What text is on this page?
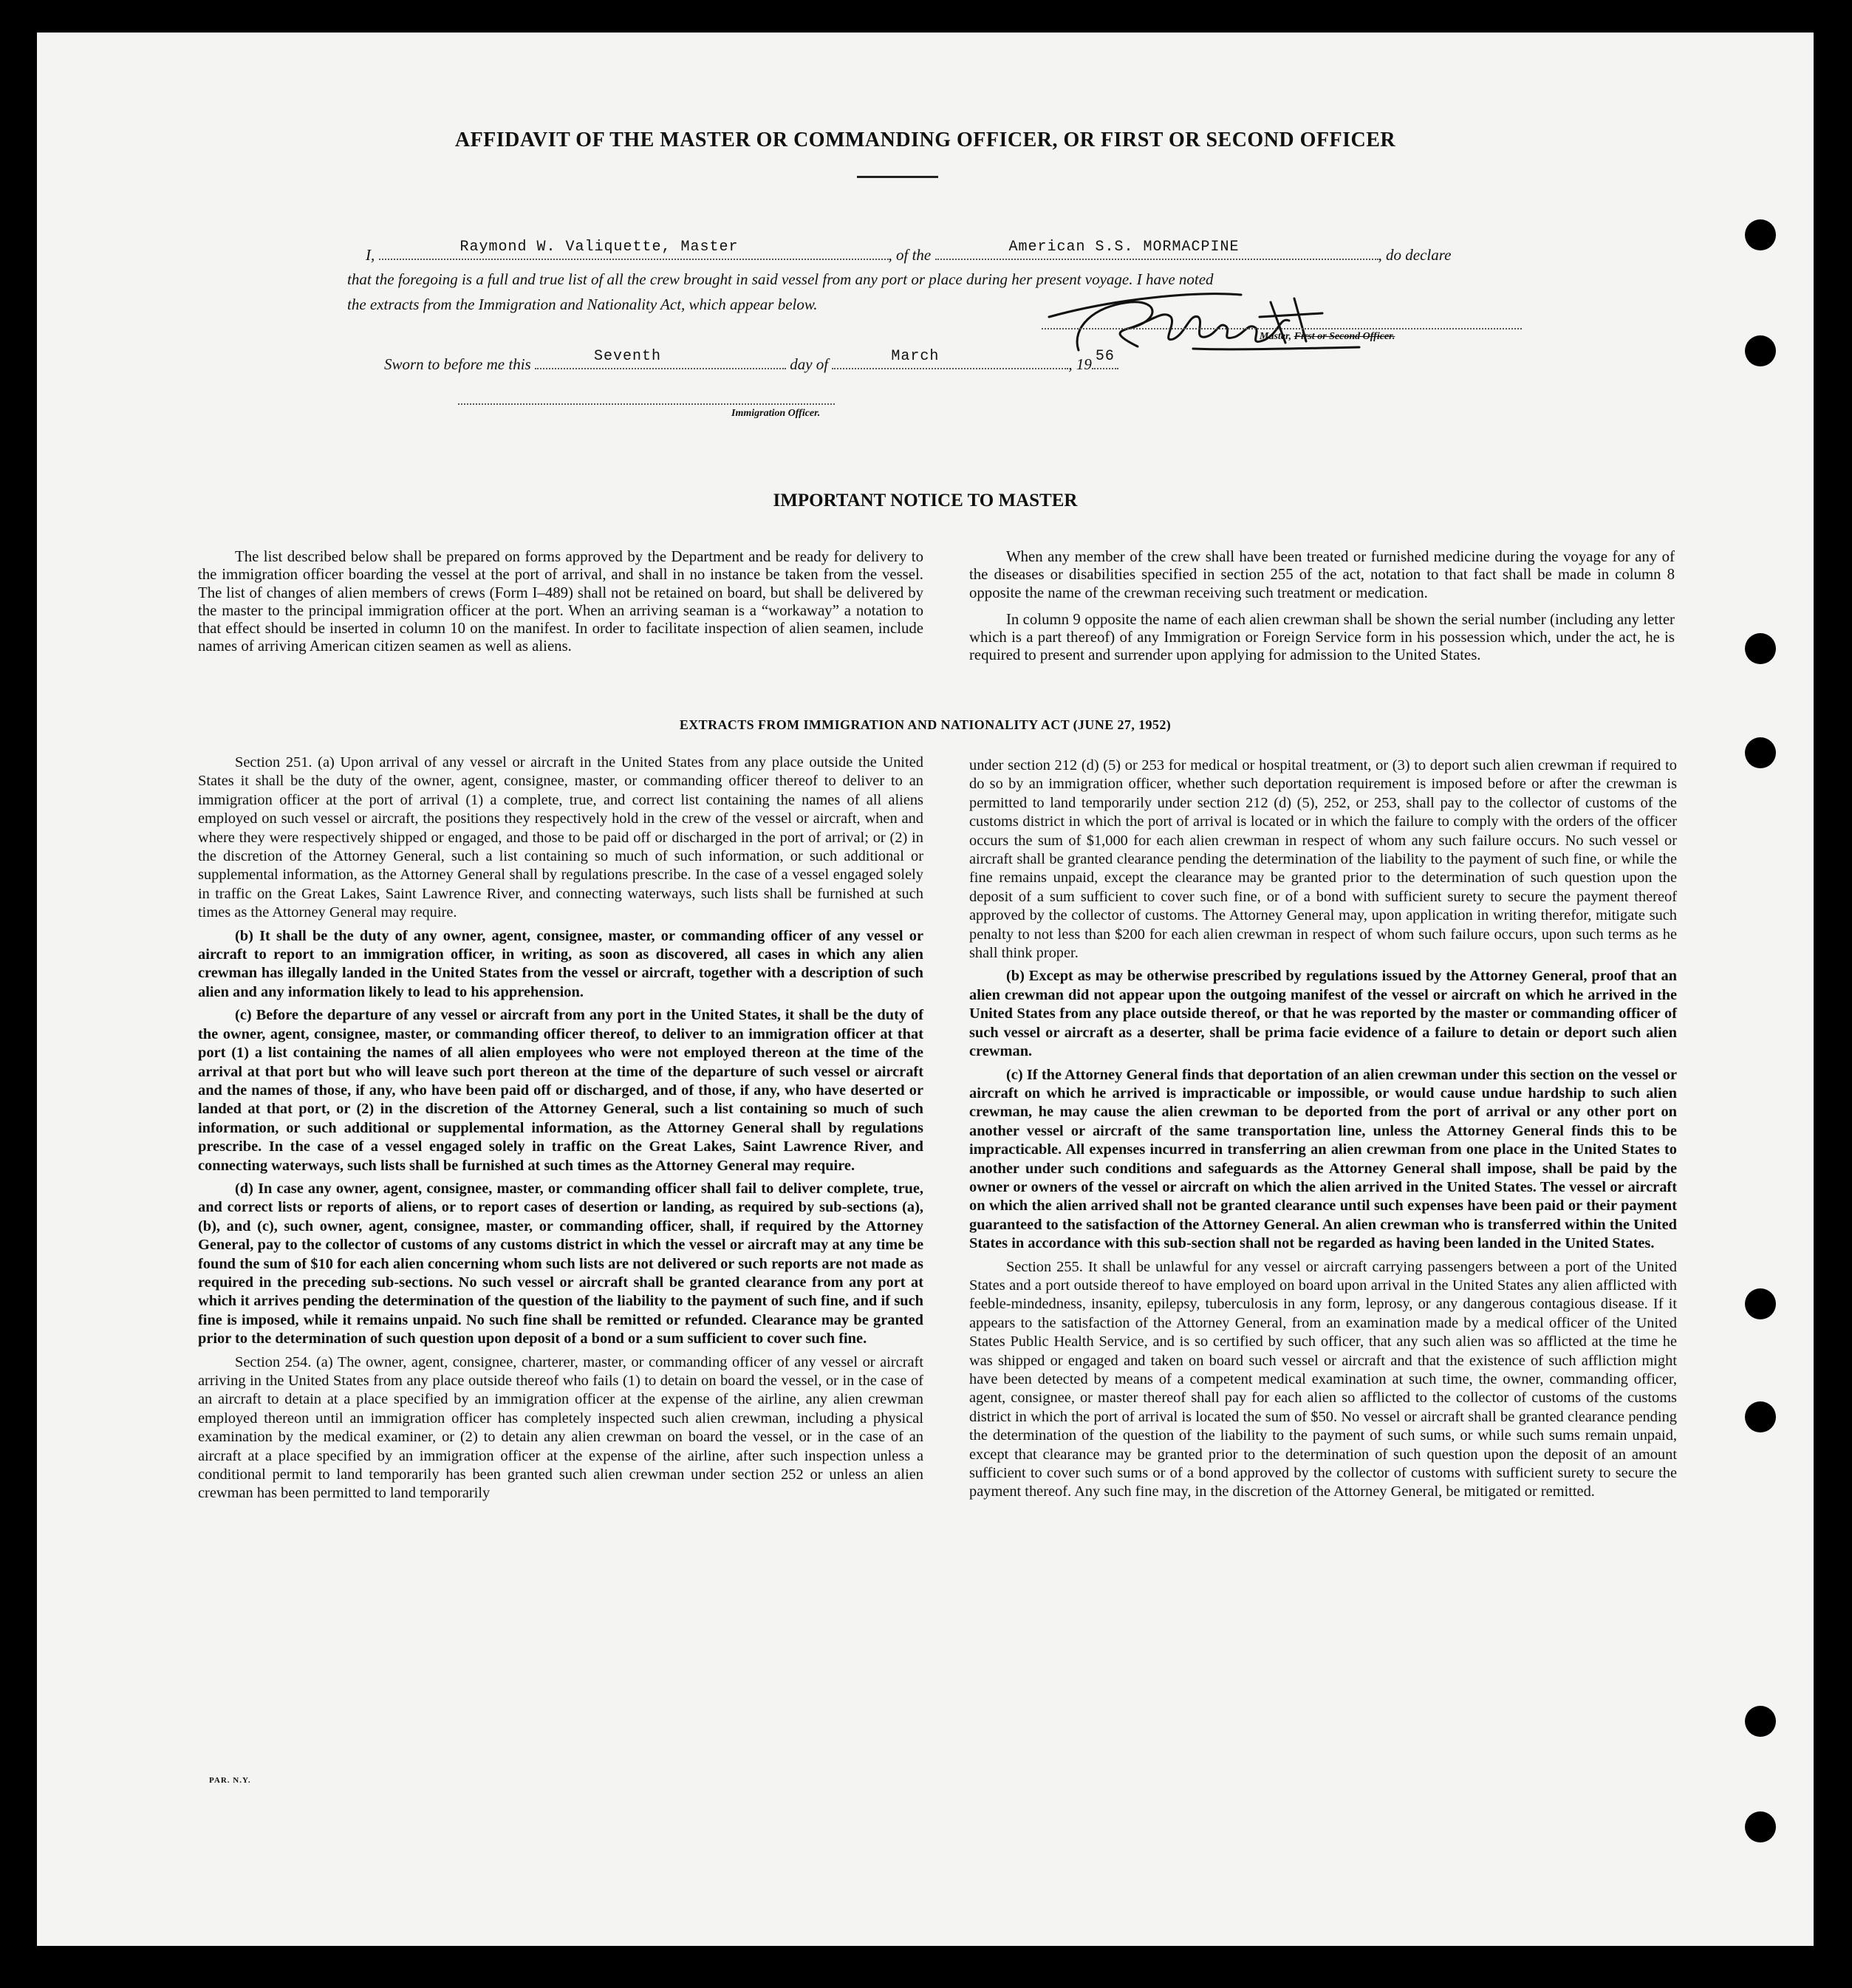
AFFIDAVIT OF THE MASTER OR COMMANDING OFFICER, OR FIRST OR SECOND OFFICER
I,	Raymond W. Valiquette, Master	, of the	American S.S. MORMACPINE	, do declare
that the foregoing is a full and true list of all the crew brought in said vessel from any port or place during her present voyage. I have noted
the extracts from the Immigration and Nationality Act, which appear below.
Master, First or Second Officer.
Sworn to before me this	Seventh	day of	March	, 19 56
Immigration Officer.
IMPORTANT NOTICE TO MASTER

The list described below shall be prepared on forms approved by the Department and be ready for delivery to the immigration officer boarding the vessel at the port of arrival, and shall in no instance be taken from the vessel. The list of changes of alien members of crews (Form I–489) shall not be retained on board, but shall be delivered by the master to the principal immigration officer at the port. When an arriving seaman is a “workaway” a notation to that effect should be inserted in column 10 on the manifest. In order to facilitate inspection of alien seamen, include names of arriving American citizen seamen as well as aliens.

When any member of the crew shall have been treated or furnished medicine during the voyage for any of the diseases or disabilities specified in section 255 of the act, notation to that fact shall be made in column 8 opposite the name of the crewman receiving such treatment or medication.

In column 9 opposite the name of each alien crewman shall be shown the serial number (including any letter which is a part thereof) of any Immigration or Foreign Service form in his possession which, under the act, he is required to present and surrender upon applying for admission to the United States.

EXTRACTS FROM IMMIGRATION AND NATIONALITY ACT (JUNE 27, 1952)

Section 251. (a) Upon arrival of any vessel or aircraft in the United States from any place outside the United States it shall be the duty of the owner, agent, consignee, master, or commanding officer thereof to deliver to an immigration officer at the port of arrival (1) a complete, true, and correct list containing the names of all aliens employed on such vessel or aircraft, the positions they respectively hold in the crew of the vessel or aircraft, when and where they were respectively shipped or engaged, and those to be paid off or discharged in the port of arrival; or (2) in the discretion of the Attorney General, such a list containing so much of such information, or such additional or supplemental information, as the Attorney General shall by regulations prescribe. In the case of a vessel engaged solely in traffic on the Great Lakes, Saint Lawrence River, and connecting waterways, such lists shall be furnished at such times as the Attorney General may require.

(b) It shall be the duty of any owner, agent, consignee, master, or commanding officer of any vessel or aircraft to report to an immigration officer, in writing, as soon as discovered, all cases in which any alien crewman has illegally landed in the United States from the vessel or aircraft, together with a description of such alien and any information likely to lead to his apprehension.

(c) Before the departure of any vessel or aircraft from any port in the United States, it shall be the duty of the owner, agent, consignee, master, or commanding officer thereof, to deliver to an immigration officer at that port (1) a list containing the names of all alien employees who were not employed thereon at the time of the arrival at that port but who will leave such port thereon at the time of the departure of such vessel or aircraft and the names of those, if any, who have been paid off or discharged, and of those, if any, who have deserted or landed at that port, or (2) in the discretion of the Attorney General, such a list containing so much of such information, or such additional or supplemental information, as the Attorney General shall by regulations prescribe. In the case of a vessel engaged solely in traffic on the Great Lakes, Saint Lawrence River, and connecting waterways, such lists shall be furnished at such times as the Attorney General may require.

(d) In case any owner, agent, consignee, master, or commanding officer shall fail to deliver complete, true, and correct lists or reports of aliens, or to report cases of desertion or landing, as required by sub-sections (a), (b), and (c), such owner, agent, consignee, master, or commanding officer, shall, if required by the Attorney General, pay to the collector of customs of any customs district in which the vessel or aircraft may at any time be found the sum of $10 for each alien concerning whom such lists are not delivered or such reports are not made as required in the preceding sub-sections. No such vessel or aircraft shall be granted clearance from any port at which it arrives pending the determination of the question of the liability to the payment of such fine, and if such fine is imposed, while it remains unpaid. No such fine shall be remitted or refunded. Clearance may be granted prior to the determination of such question upon deposit of a bond or a sum sufficient to cover such fine.

Section 254. (a) The owner, agent, consignee, charterer, master, or commanding officer of any vessel or aircraft arriving in the United States from any place outside thereof who fails (1) to detain on board the vessel, or in the case of an aircraft to detain at a place specified by an immigration officer at the expense of the airline, any alien crewman employed thereon until an immigration officer has completely inspected such alien crewman, including a physical examination by the medical examiner, or (2) to detain any alien crewman on board the vessel, or in the case of an aircraft at a place specified by an immigration officer at the expense of the airline, after such inspection unless a conditional permit to land temporarily has been granted such alien crewman under section 252 or unless an alien crewman has been permitted to land temporarily

under section 212 (d) (5) or 253 for medical or hospital treatment, or (3) to deport such alien crewman if required to do so by an immigration officer, whether such deportation requirement is imposed before or after the crewman is permitted to land temporarily under section 212 (d) (5), 252, or 253, shall pay to the collector of customs of the customs district in which the port of arrival is located or in which the failure to comply with the orders of the officer occurs the sum of $1,000 for each alien crewman in respect of whom any such failure occurs. No such vessel or aircraft shall be granted clearance pending the determination of the liability to the payment of such fine, or while the fine remains unpaid, except the clearance may be granted prior to the determination of such question upon the deposit of a sum sufficient to cover such fine, or of a bond with sufficient surety to secure the payment thereof approved by the collector of customs. The Attorney General may, upon application in writing therefor, mitigate such penalty to not less than $200 for each alien crewman in respect of whom such failure occurs, upon such terms as he shall think proper.

(b) Except as may be otherwise prescribed by regulations issued by the Attorney General, proof that an alien crewman did not appear upon the outgoing manifest of the vessel or aircraft on which he arrived in the United States from any place outside thereof, or that he was reported by the master or commanding officer of such vessel or aircraft as a deserter, shall be prima facie evidence of a failure to detain or deport such alien crewman.

(c) If the Attorney General finds that deportation of an alien crewman under this section on the vessel or aircraft on which he arrived is impracticable or impossible, or would cause undue hardship to such alien crewman, he may cause the alien crewman to be deported from the port of arrival or any other port on another vessel or aircraft of the same transportation line, unless the Attorney General finds this to be impracticable. All expenses incurred in transferring an alien crewman from one place in the United States to another under such conditions and safeguards as the Attorney General shall impose, shall be paid by the owner or owners of the vessel or aircraft on which the alien arrived in the United States. The vessel or aircraft on which the alien arrived shall not be granted clearance until such expenses have been paid or their payment guaranteed to the satisfaction of the Attorney General. An alien crewman who is transferred within the United States in accordance with this sub-section shall not be regarded as having been landed in the United States.

Section 255. It shall be unlawful for any vessel or aircraft carrying passengers between a port of the United States and a port outside thereof to have employed on board upon arrival in the United States any alien afflicted with feeble-mindedness, insanity, epilepsy, tuberculosis in any form, leprosy, or any dangerous contagious disease. If it appears to the satisfaction of the Attorney General, from an examination made by a medical officer of the United States Public Health Service, and is so certified by such officer, that any such alien was so afflicted at the time he was shipped or engaged and taken on board such vessel or aircraft and that the existence of such affliction might have been detected by means of a competent medical examination at such time, the owner, commanding officer, agent, consignee, or master thereof shall pay for each alien so afflicted to the collector of customs of the customs district in which the port of arrival is located the sum of $50. No vessel or aircraft shall be granted clearance pending the determination of the question of the liability to the payment of such sums, or while such sums remain unpaid, except that clearance may be granted prior to the determination of such question upon the deposit of an amount sufficient to cover such sums or of a bond approved by the collector of customs with sufficient surety to secure the payment thereof. Any such fine may, in the discretion of the Attorney General, be mitigated or remitted.

PAR. N.Y.
